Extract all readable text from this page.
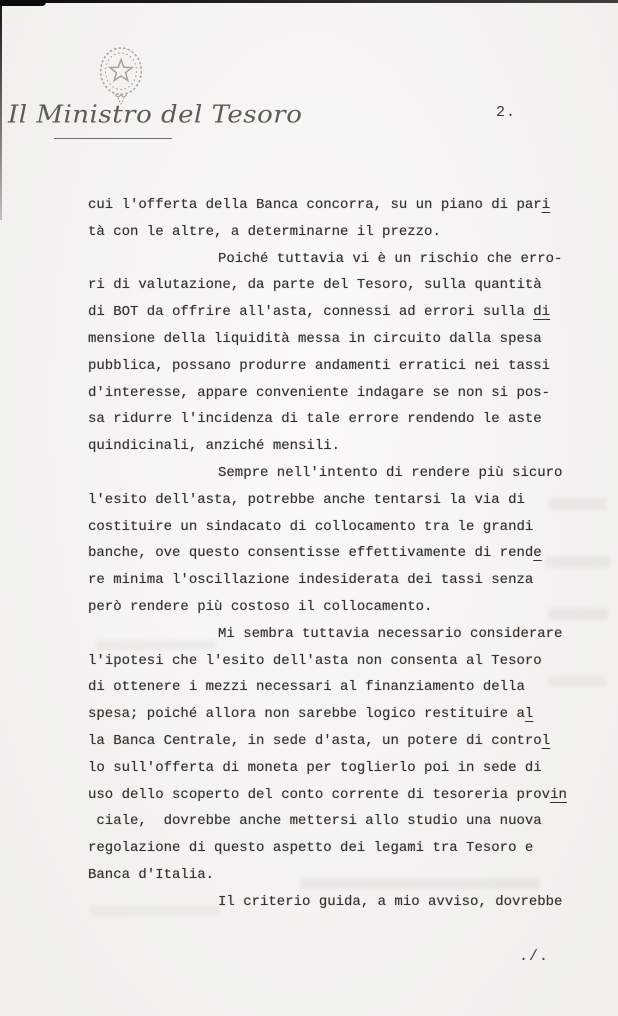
Il Ministro del Tesoro	2.
cui l'offerta della Banca concorra, su un piano di pari
tà con le altre, a determinarne il prezzo.
Poiché tuttavia vi è un rischio che erro-
ri di valutazione, da parte del Tesoro, sulla quantità
di BOT da offrire all'asta, connessi ad errori sulla di
mensione della liquidità messa in circuito dalla spesa
pubblica, possano produrre andamenti erratici nei tassi
d'interesse, appare conveniente indagare se non si pos-
sa ridurre l'incidenza di tale errore rendendo le aste
quindicinali, anziché mensili.
Sempre nell'intento di rendere più sicuro
l'esito dell'asta, potrebbe anche tentarsi la via di
costituire un sindacato di collocamento tra le grandi
banche, ove questo consentisse effettivamente di rende
re minima l'oscillazione indesiderata dei tassi senza
però rendere più costoso il collocamento.
Mi sembra tuttavia necessario considerare
l'ipotesi che l'esito dell'asta non consenta al Tesoro
di ottenere i mezzi necessari al finanziamento della
spesa; poiché allora non sarebbe logico restituire al
la Banca Centrale, in sede d'asta, un potere di control
lo sull'offerta di moneta per toglierlo poi in sede di
uso dello scoperto del conto corrente di tesoreria provin
ciale,  dovrebbe anche mettersi allo studio una nuova
regolazione di questo aspetto dei legami tra Tesoro e
Banca d'Italia.
Il criterio guida, a mio avviso, dovrebbe
./.
